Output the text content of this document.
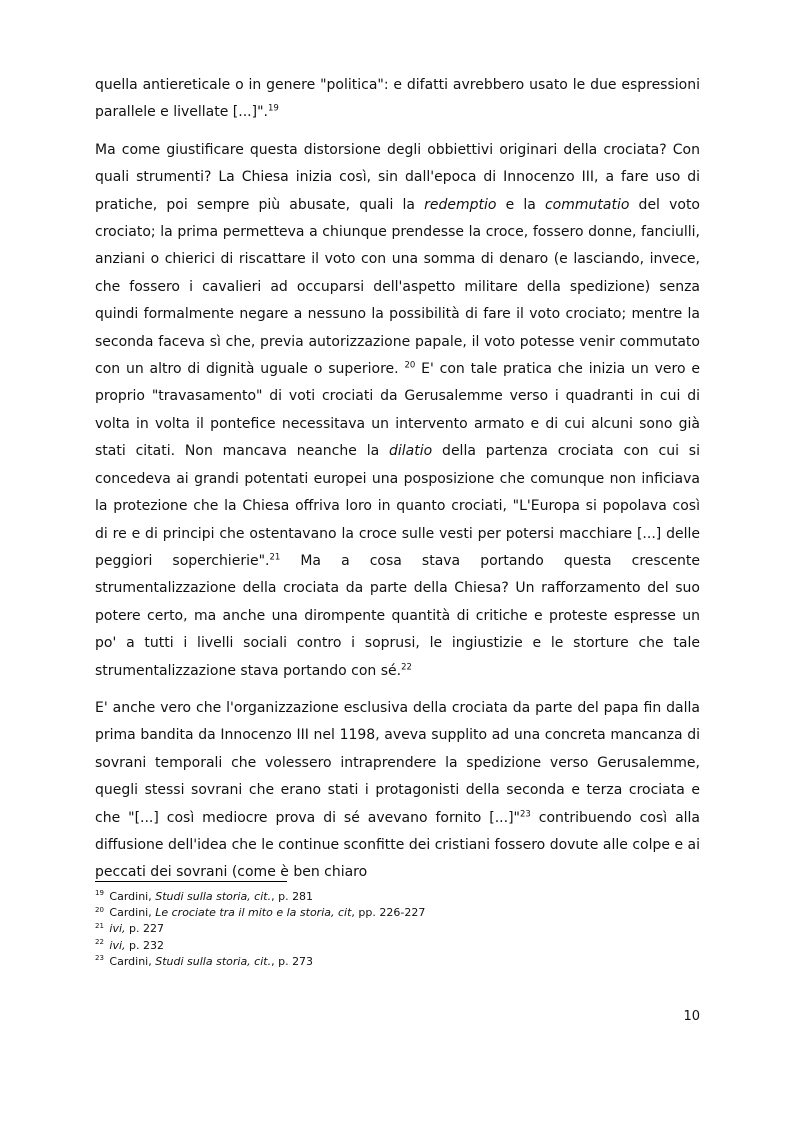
quella antiereticale o in genere "politica": e difatti avrebbero usato le due espressioni parallele e livellate [...]".$^{19}$

Ma come giustificare questa distorsione degli obbiettivi originari della crociata? Con quali strumenti? La Chiesa inizia così, sin dall'epoca di Innocenzo III, a fare uso di pratiche, poi sempre più abusate, quali la redemptio e la commutatio del voto crociato; la prima permetteva a chiunque prendesse la croce, fossero donne, fanciulli, anziani o chierici di riscattare il voto con una somma di denaro (e lasciando, invece, che fossero i cavalieri ad occuparsi dell'aspetto militare della spedizione) senza quindi formalmente negare a nessuno la possibilità di fare il voto crociato; mentre la seconda faceva sì che, previa autorizzazione papale, il voto potesse venir commutato con un altro di dignità uguale o superiore. $^{20}$ E' con tale pratica che inizia un vero e proprio "travasamento" di voti crociati da Gerusalemme verso i quadranti in cui di volta in volta il pontefice necessitava un intervento armato e di cui alcuni sono già stati citati. Non mancava neanche la dilatio della partenza crociata con cui si concedeva ai grandi potentati europei una posposizione che comunque non inficiava la protezione che la Chiesa offriva loro in quanto crociati, "L'Europa si popolava così di re e di principi che ostentavano la croce sulle vesti per potersi macchiare [...] delle peggiori soperchierie".$^{21}$ Ma a cosa stava portando questa crescente strumentalizzazione della crociata da parte della Chiesa? Un rafforzamento del suo potere certo, ma anche una dirompente quantità di critiche e proteste espresse un po' a tutti i livelli sociali contro i soprusi, le ingiustizie e le storture che tale strumentalizzazione stava portando con sé.$^{22}$

E' anche vero che l'organizzazione esclusiva della crociata da parte del papa fin dalla prima bandita da Innocenzo III nel 1198, aveva supplito ad una concreta mancanza di sovrani temporali che volessero intraprendere la spedizione verso Gerusalemme, quegli stessi sovrani che erano stati i protagonisti della seconda e terza crociata e che "[...] così mediocre prova di sé avevano fornito [...]"$^{23}$ contribuendo così alla diffusione dell'idea che le continue sconfitte dei cristiani fossero dovute alle colpe e ai peccati dei sovrani (come è ben chiaro

$^{19}$ Cardini, Studi sulla storia, cit., p. 281
$^{20}$ Cardini, Le crociate tra il mito e la storia, cit, pp. 226-227
$^{21}$ ivi, p. 227
$^{22}$ ivi, p. 232
$^{23}$ Cardini, Studi sulla storia, cit., p. 273
10
